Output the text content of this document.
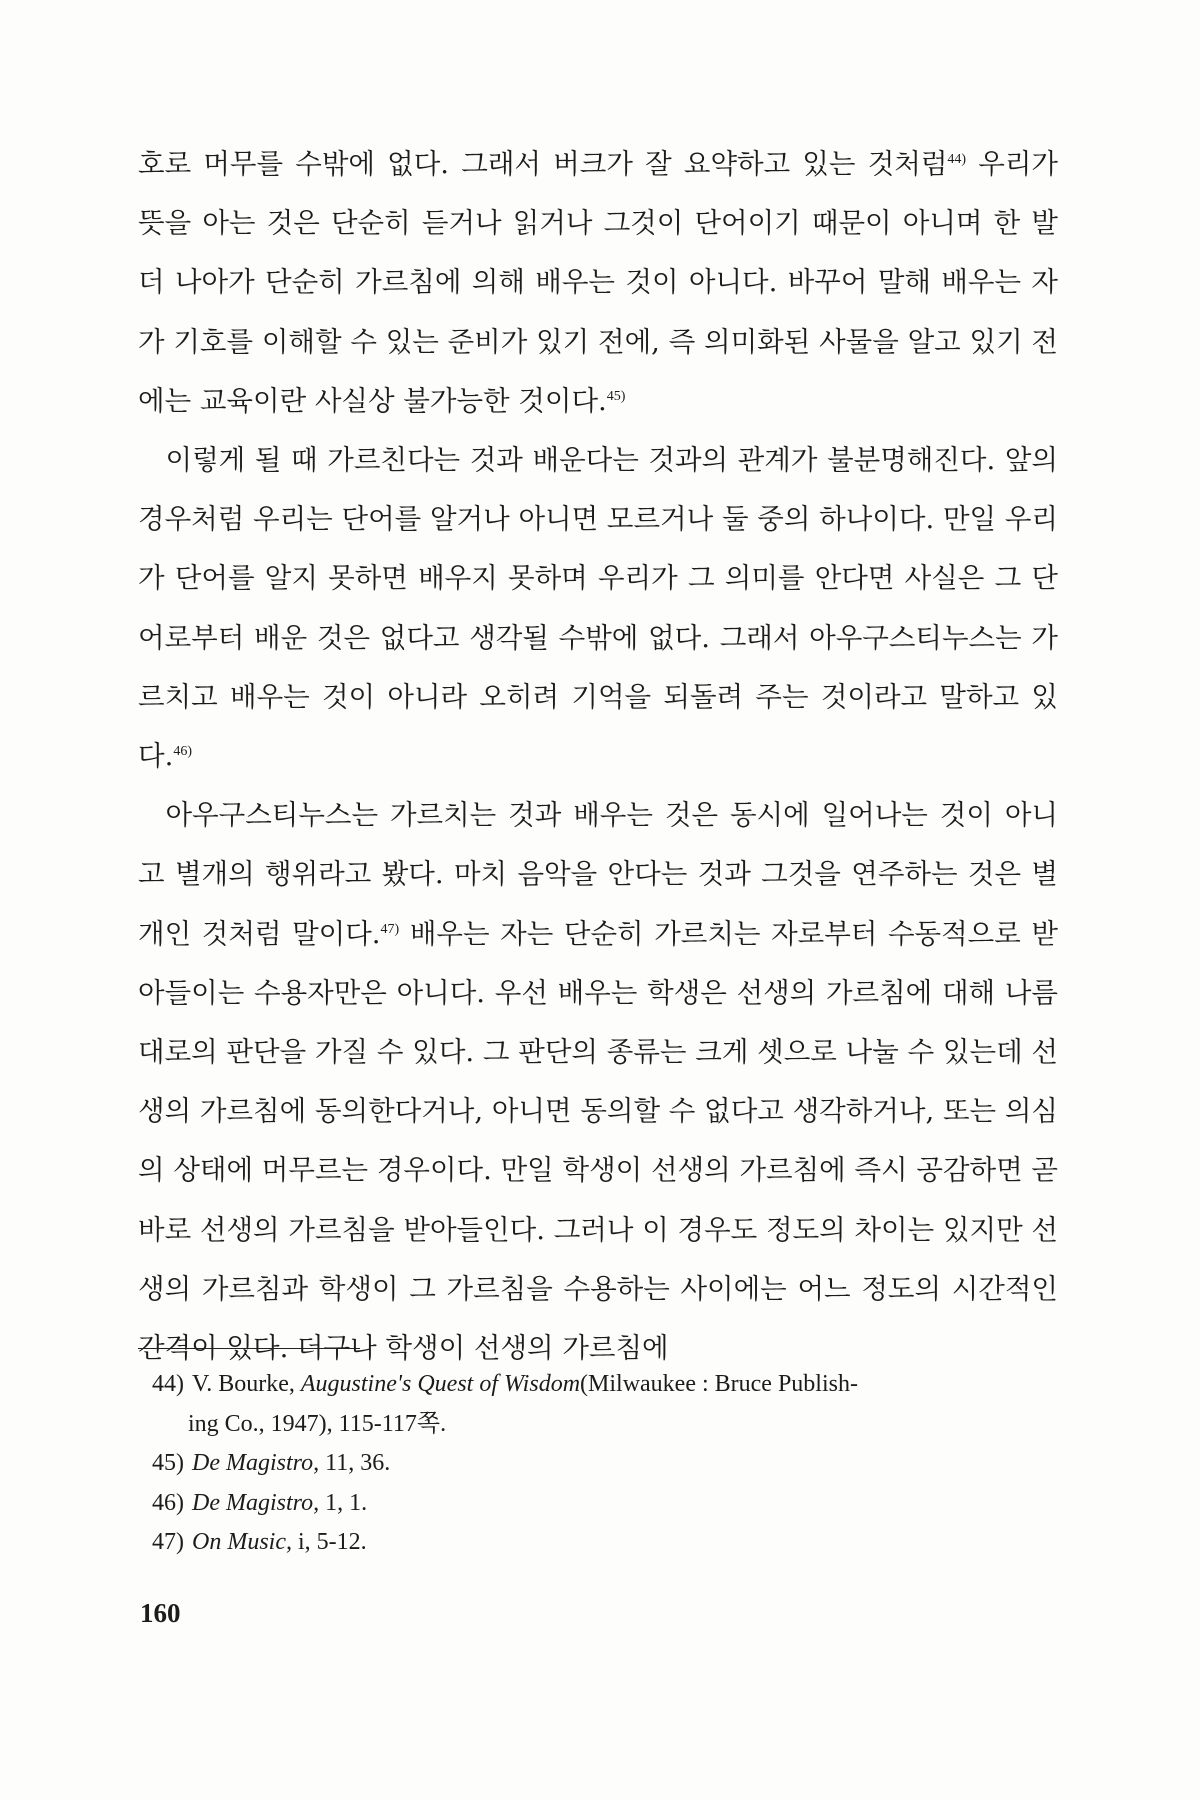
호로 머무를 수밖에 없다. 그래서 버크가 잘 요약하고 있는 것처럼$^{44)}$ 우리가 뜻을 아는 것은 단순히 듣거나 읽거나 그것이 단어이기 때문이 아니며 한 발 더 나아가 단순히 가르침에 의해 배우는 것이 아니다. 바꾸어 말해 배우는 자가 기호를 이해할 수 있는 준비가 있기 전에, 즉 의미화된 사물을 알고 있기 전에는 교육이란 사실상 불가능한 것이다.$^{45)}$

이렇게 될 때 가르친다는 것과 배운다는 것과의 관계가 불분명해진다. 앞의 경우처럼 우리는 단어를 알거나 아니면 모르거나 둘 중의 하나이다. 만일 우리가 단어를 알지 못하면 배우지 못하며 우리가 그 의미를 안다면 사실은 그 단어로부터 배운 것은 없다고 생각될 수밖에 없다. 그래서 아우구스티누스는 가르치고 배우는 것이 아니라 오히려 기억을 되돌려 주는 것이라고 말하고 있다.$^{46)}$

아우구스티누스는 가르치는 것과 배우는 것은 동시에 일어나는 것이 아니고 별개의 행위라고 봤다. 마치 음악을 안다는 것과 그것을 연주하는 것은 별개인 것처럼 말이다.$^{47)}$ 배우는 자는 단순히 가르치는 자로부터 수동적으로 받아들이는 수용자만은 아니다. 우선 배우는 학생은 선생의 가르침에 대해 나름대로의 판단을 가질 수 있다. 그 판단의 종류는 크게 셋으로 나눌 수 있는데 선생의 가르침에 동의한다거나, 아니면 동의할 수 없다고 생각하거나, 또는 의심의 상태에 머무르는 경우이다. 만일 학생이 선생의 가르침에 즉시 공감하면 곧바로 선생의 가르침을 받아들인다. 그러나 이 경우도 정도의 차이는 있지만 선생의 가르침과 학생이 그 가르침을 수용하는 사이에는 어느 정도의 시간적인 간격이 있다. 더구나 학생이 선생의 가르침에

44) V. Bourke, Augustine's Quest of Wisdom(Milwaukee : Bruce Publish-
ing Co., 1947), 115-117쪽.
45) De Magistro, 11, 36.
46) De Magistro, 1, 1.
47) On Music, i, 5-12.
160
